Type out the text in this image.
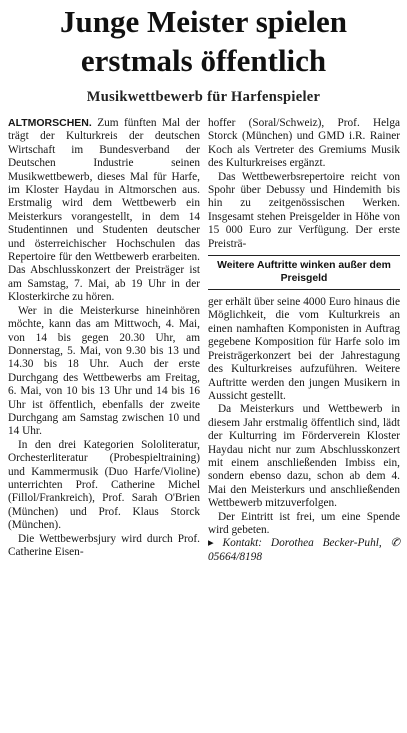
Junge Meister spielen
erstmals öffentlich
Musikwettbewerb für Harfenspieler

ALTMORSCHEN. Zum fünften Mal der trägt der Kulturkreis der deutschen Wirtschaft im Bundesverband der Deutschen Industrie seinen Musikwettbewerb, dieses Mal für Harfe, im Kloster Haydau in Altmorschen aus. Erstmalig wird dem Wettbewerb ein Meisterkurs vorangestellt, in dem 14 Studentinnen und Studenten deutscher und österreichischer Hochschulen das Repertoire für den Wettbewerb erarbeiten. Das Abschlusskonzert der Preisträger ist am Samstag, 7. Mai, ab 19 Uhr in der Klosterkirche zu hören.

Wer in die Meisterkurse hineinhören möchte, kann das am Mittwoch, 4. Mai, von 14 bis gegen 20.30 Uhr, am Donnerstag, 5. Mai, von 9.30 bis 13 und 14.30 bis 18 Uhr. Auch der erste Durchgang des Wettbewerbs am Freitag, 6. Mai, von 10 bis 13 Uhr und 14 bis 16 Uhr ist öffentlich, ebenfalls der zweite Durchgang am Samstag zwischen 10 und 14 Uhr.

In den drei Kategorien Sololiteratur, Orchesterliteratur (Probespieltraining) und Kammermusik (Duo Harfe/Violine) unterrichten Prof. Catherine Michel (Fillol/Frankreich), Prof. Sarah O'Brien (München) und Prof. Klaus Storck (München).

Die Wettbewerbsjury wird durch Prof. Catherine Eisen-

hoffer (Soral/Schweiz), Prof. Helga Storck (München) und GMD i.R. Rainer Koch als Vertreter des Gremiums Musik des Kulturkreises ergänzt.

Das Wettbewerbsrepertoire reicht von Spohr über Debussy und Hindemith bis hin zu zeitgenössischen Werken. Insgesamt stehen Preisgelder in Höhe von 15 000 Euro zur Verfügung. Der erste Preisträ-

Weitere Auftritte winken außer dem Preisgeld

ger erhält über seine 4000 Euro hinaus die Möglichkeit, die vom Kulturkreis an einen namhaften Komponisten in Auftrag gegebene Komposition für Harfe solo im Preisträgerkonzert bei der Jahrestagung des Kulturkreises aufzuführen. Weitere Auftritte werden den jungen Musikern in Aussicht gestellt.

Da Meisterkurs und Wettbewerb in diesem Jahr erstmalig öffentlich sind, lädt der Kulturring im Förderverein Kloster Haydau nicht nur zum Abschlusskonzert mit einem anschließenden Imbiss ein, sondern ebenso dazu, schon ab dem 4. Mai den Meisterkurs und anschließenden Wettbewerb mitzuverfolgen.

Der Eintritt ist frei, um eine Spende wird gebeten.

▸ Kontakt: Dorothea Becker-Puhl, ✆ 05664/8198
